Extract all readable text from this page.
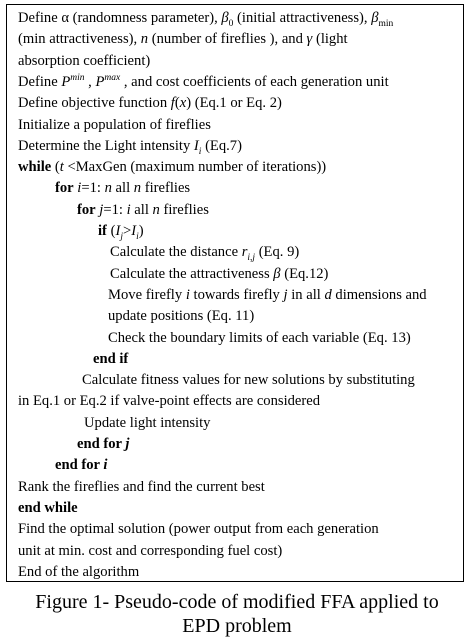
Define α (randomness parameter), $\beta_0$ (initial attractiveness), $\beta_{min}$
(min attractiveness), n (number of fireflies ), and γ (light
absorption coefficient)
Define $P^{min}$ , $P^{max}$ , and cost coefficients of each generation unit
Define objective function f(x) (Eq.1 or Eq. 2)
Initialize a population of fireflies
Determine the Light intensity $I_i$ (Eq.7)
while (t <MaxGen (maximum number of iterations))
for i=1: n all n fireflies
for j=1: i all n fireflies
if $(I_j>I_i)$
Calculate the distance $r_{i,j}$ (Eq. 9)
Calculate the attractiveness β (Eq.12)
Move firefly i towards firefly j in all d dimensions and
update positions (Eq. 11)
Check the boundary limits of each variable (Eq. 13)
end if
Calculate fitness values for new solutions by substituting
in Eq.1 or Eq.2 if valve-point effects are considered
Update light intensity
end for j
end for i
Rank the fireflies and find the current best
end while
Find the optimal solution (power output from each generation
unit at min. cost and corresponding fuel cost)
End of the algorithm
Figure 1- Pseudo-code of modified FFA applied to
EPD problem
